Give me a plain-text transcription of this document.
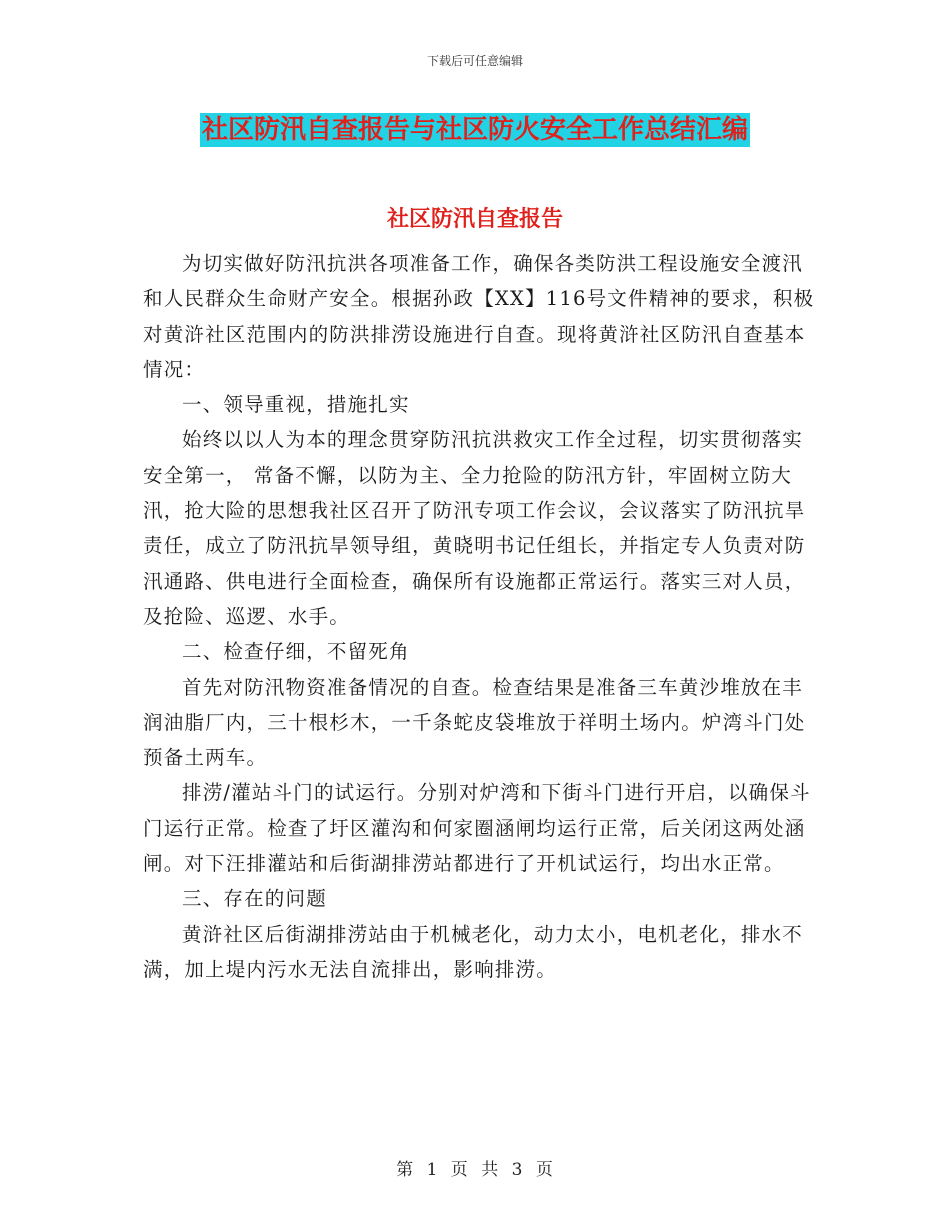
下载后可任意编辑
社区防汛自查报告与社区防火安全工作总结汇编
社区防汛自查报告

为切实做好防汛抗洪各项准备工作，确保各类防洪工程设施安全渡汛和人民群众生命财产安全。根据孙政【XX】116号文件精神的要求，积极对黄浒社区范围内的防洪排涝设施进行自查。现将黄浒社区防汛自查基本情况：

一、领导重视，措施扎实

始终以以人为本的理念贯穿防汛抗洪救灾工作全过程，切实贯彻落实安全第一， 常备不懈，以防为主、全力抢险的防汛方针，牢固树立防大汛，抢大险的思想我社区召开了防汛专项工作会议，会议落实了防汛抗旱责任，成立了防汛抗旱领导组，黄晓明书记任组长，并指定专人负责对防汛通路、供电进行全面检查，确保所有设施都正常运行。落实三对人员，及抢险、巡逻、水手。

二、检查仔细，不留死角

首先对防汛物资准备情况的自查。检查结果是准备三车黄沙堆放在丰润油脂厂内，三十根杉木，一千条蛇皮袋堆放于祥明土场内。炉湾斗门处预备土两车。

排涝/灌站斗门的试运行。分别对炉湾和下街斗门进行开启，以确保斗门运行正常。检查了圩区灌沟和何家圈涵闸均运行正常，后关闭这两处涵闸。对下汪排灌站和后街湖排涝站都进行了开机试运行，均出水正常。

三、存在的问题

黄浒社区后街湖排涝站由于机械老化，动力太小，电机老化，排水不满，加上堤内污水无法自流排出，影响排涝。

第 1 页 共 3 页
